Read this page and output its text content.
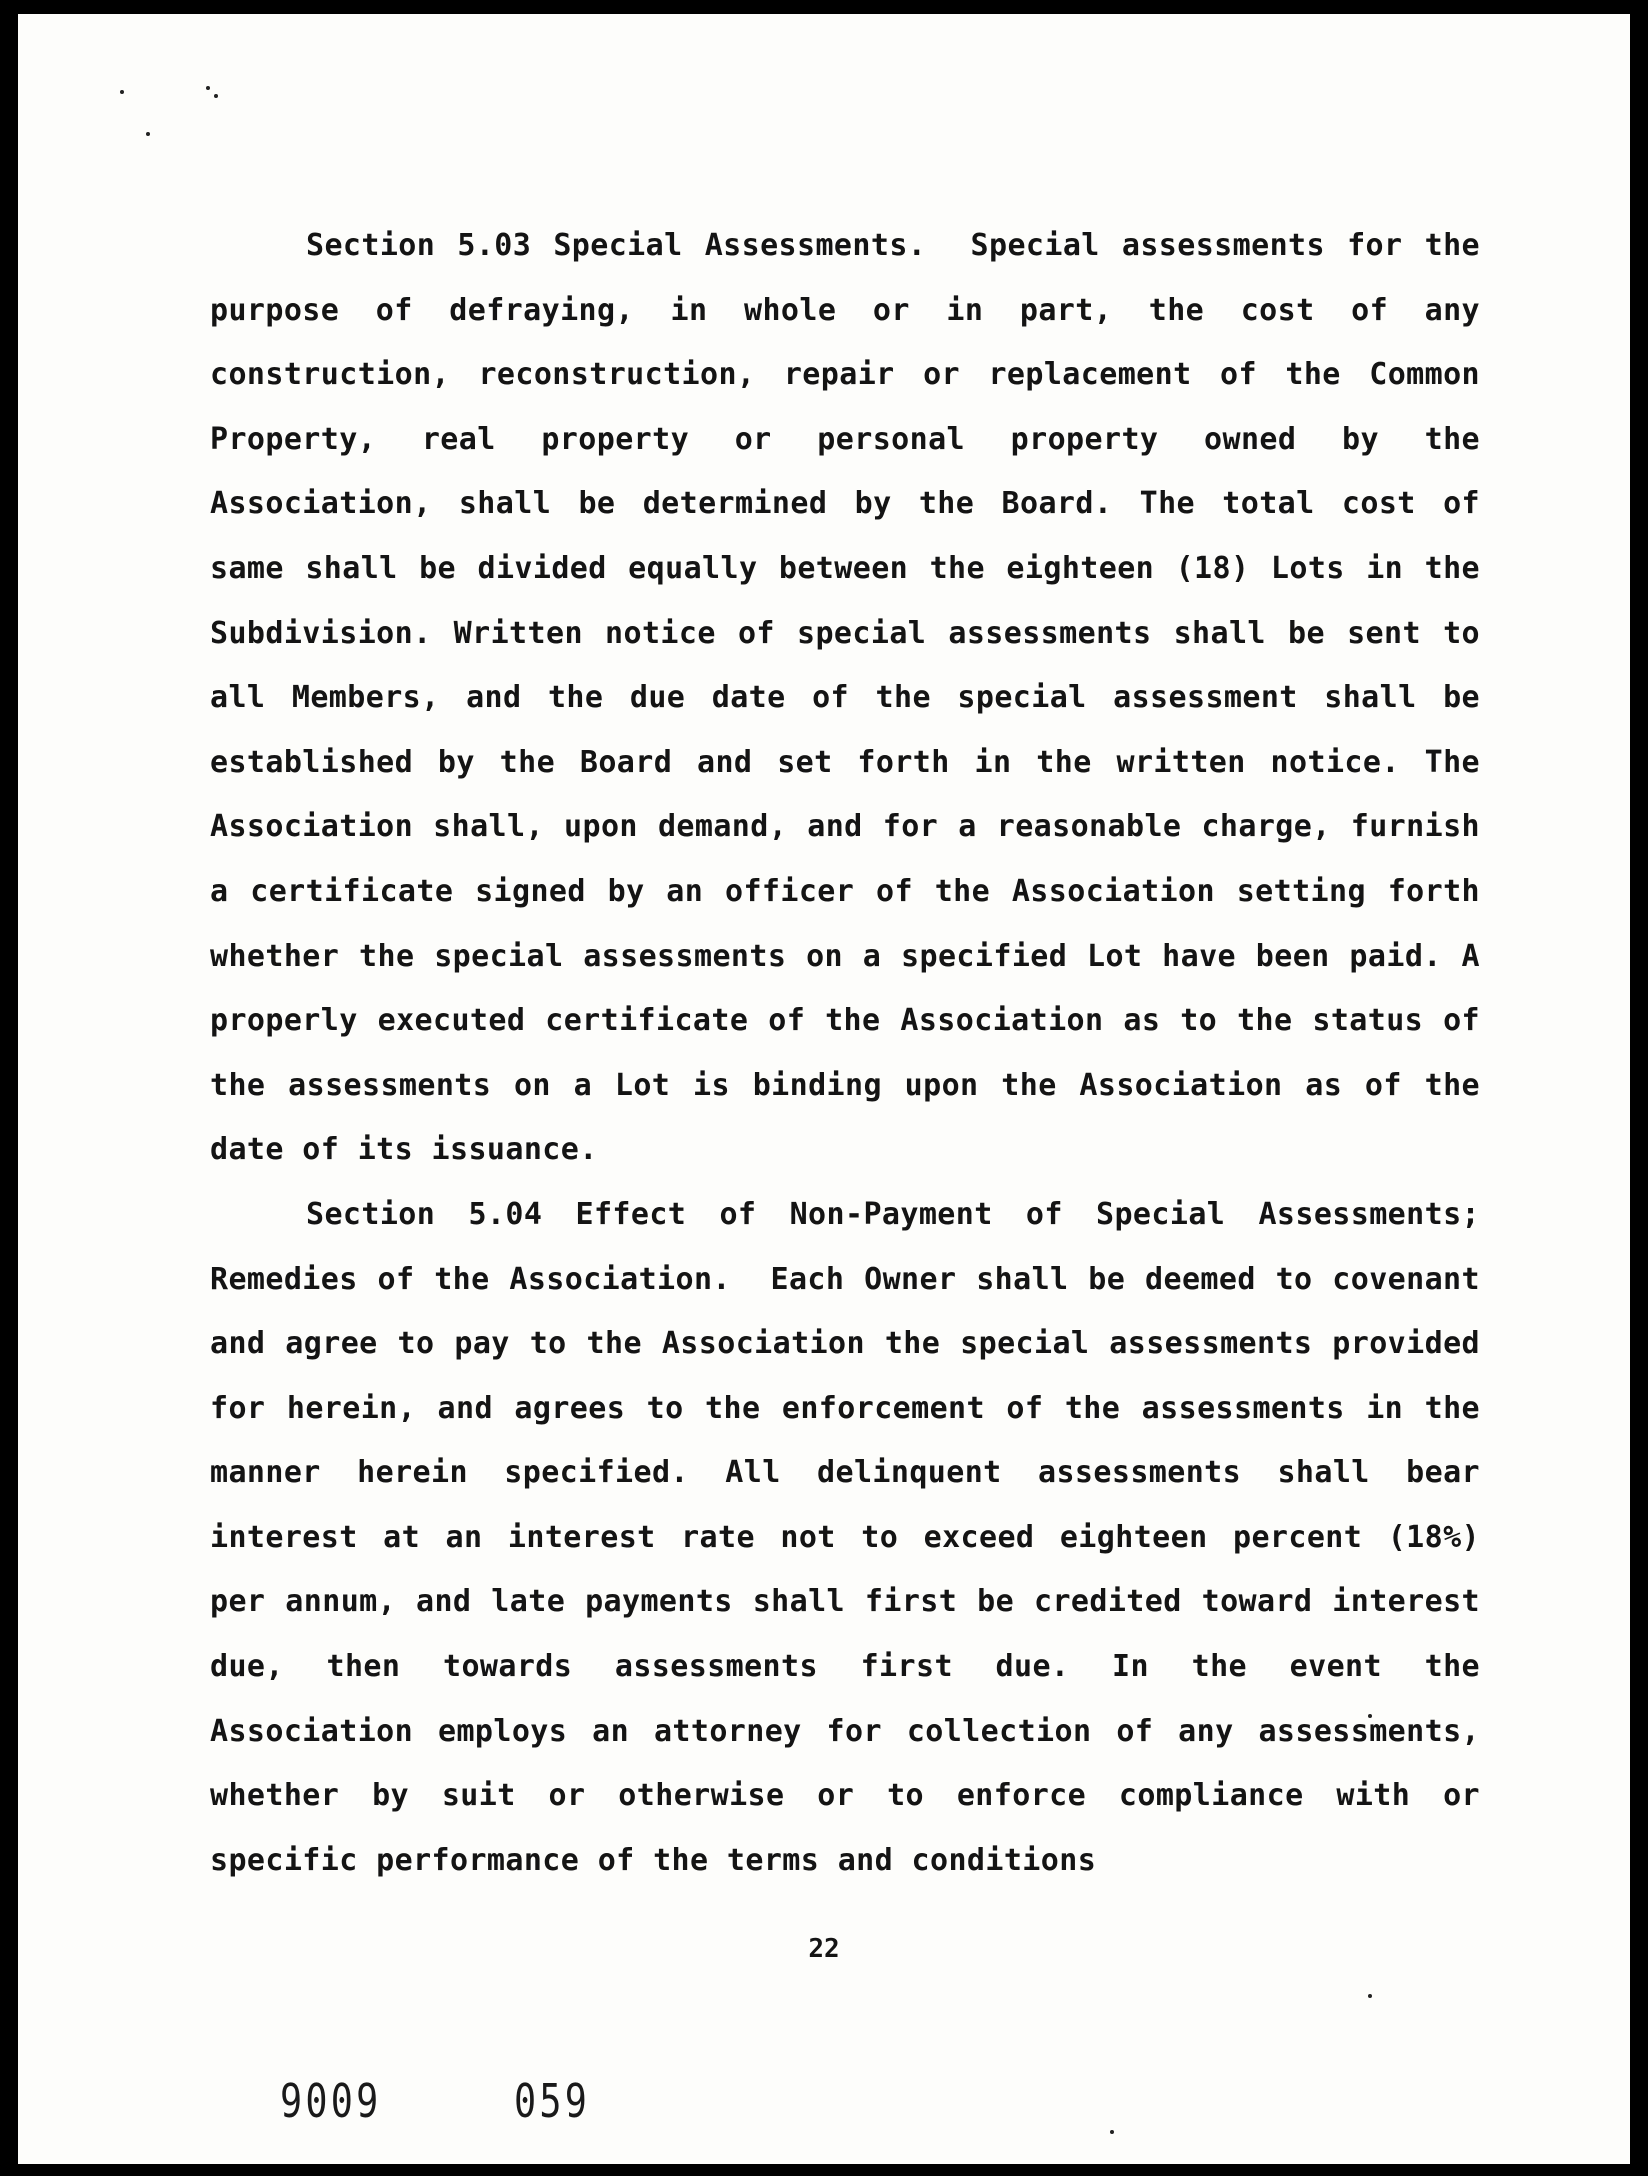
Section 5.03 Special Assessments. Special assessments for the purpose of defraying, in whole or in part, the cost of any construction, reconstruction, repair or replacement of the Common Property, real property or personal property owned by the Association, shall be determined by the Board. The total cost of same shall be divided equally between the eighteen (18) Lots in the Subdivision. Written notice of special assessments shall be sent to all Members, and the due date of the special assessment shall be established by the Board and set forth in the written notice. The Association shall, upon demand, and for a reasonable charge, furnish a certificate signed by an officer of the Association setting forth whether the special assessments on a specified Lot have been paid. A properly executed certificate of the Association as to the status of the assessments on a Lot is binding upon the Association as of the date of its issuance.

Section 5.04 Effect of Non-Payment of Special Assessments; Remedies of the Association. Each Owner shall be deemed to covenant and agree to pay to the Association the special assessments provided for herein, and agrees to the enforcement of the assessments in the manner herein specified. All delinquent assessments shall bear interest at an interest rate not to exceed eighteen percent (18%) per annum, and late payments shall first be credited toward interest due, then towards assessments first due. In the event the Association employs an attorney for collection of any assessments, whether by suit or otherwise or to enforce compliance with or specific performance of the terms and conditions

22
9009	059
